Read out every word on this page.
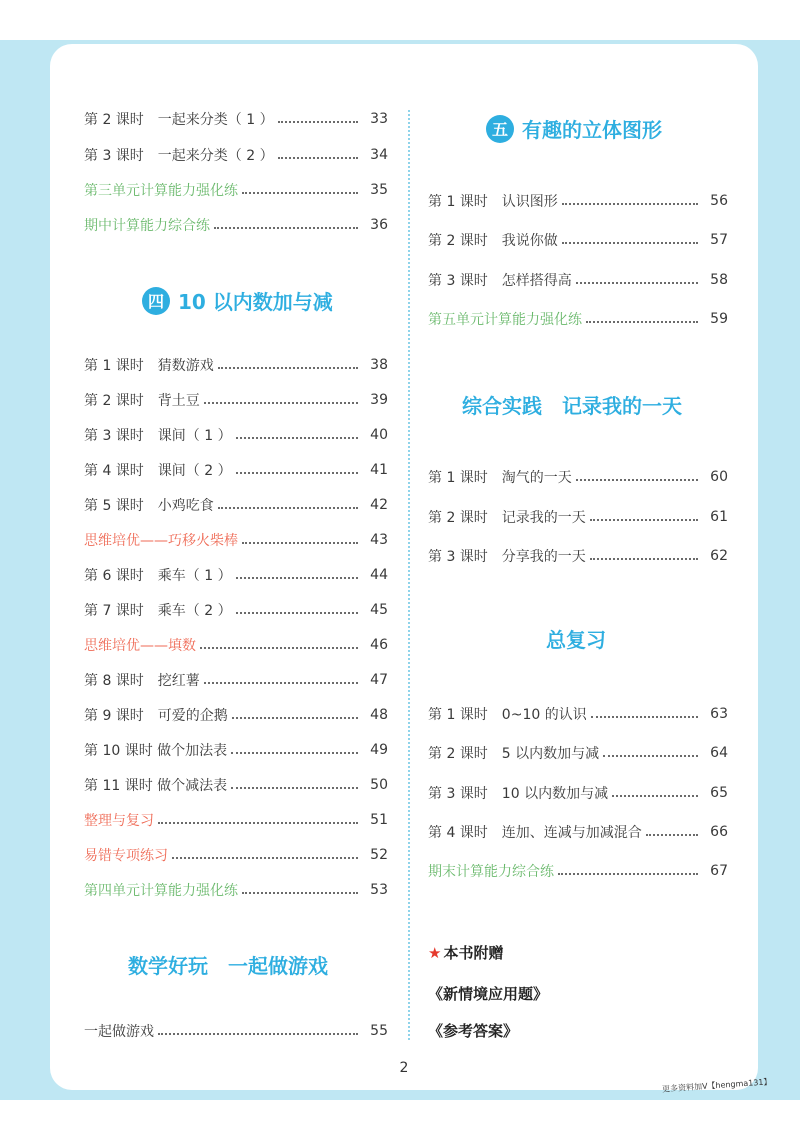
第 2 课时　一起来分类（ 1 ）	33
第 3 课时　一起来分类（ 2 ）	34
第三单元计算能力强化练	35
期中计算能力综合练	36
四 10 以内数加与减
第 1 课时　猜数游戏	38
第 2 课时　背土豆	39
第 3 课时　课间（ 1 ）	40
第 4 课时　课间（ 2 ）	41
第 5 课时　小鸡吃食	42
思维培优——巧移火柴棒	43
第 6 课时　乘车（ 1 ）	44
第 7 课时　乘车（ 2 ）	45
思维培优——填数	46
第 8 课时　挖红薯	47
第 9 课时　可爱的企鹅	48
第 10 课时 做个加法表	49
第 11 课时 做个减法表	50
整理与复习	51
易错专项练习	52
第四单元计算能力强化练	53
数学好玩　一起做游戏
一起做游戏	55
五 有趣的立体图形
第 1 课时　认识图形	56
第 2 课时　我说你做	57
第 3 课时　怎样搭得高	58
第五单元计算能力强化练	59
综合实践　记录我的一天
第 1 课时　淘气的一天	60
第 2 课时　记录我的一天	61
第 3 课时　分享我的一天	62
总复习
第 1 课时　0~10 的认识	63
第 2 课时　5 以内数加与减	64
第 3 课时　10 以内数加与减	65
第 4 课时　连加、连减与加减混合	66
期末计算能力综合练	67
★ 本书附赠
《新情境应用题》
《参考答案》
2
更多资料加V【hengma131】
